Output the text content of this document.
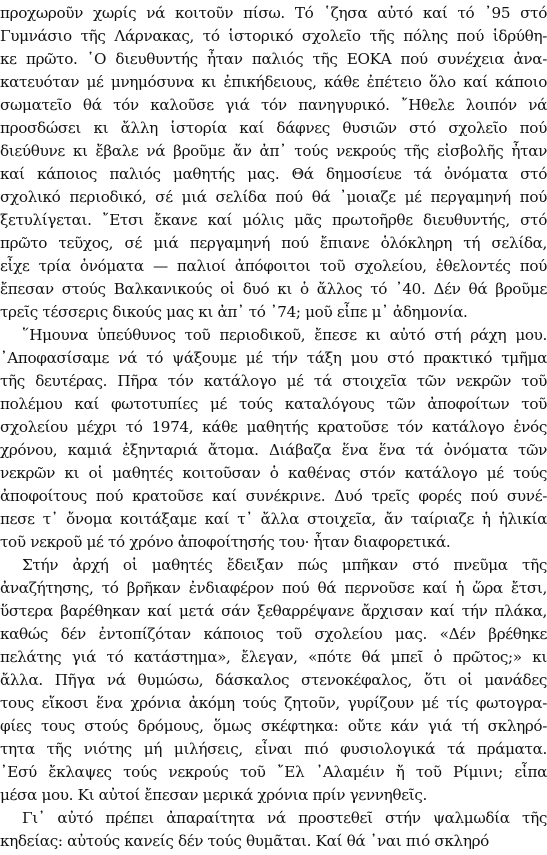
προχωροῦν χωρίς νά κοιτοῦν πίσω. Τό ῾ζησα αὐτό καί τό ᾿95 στό
Γυμνάσιο τῆς Λάρνακας, τό ἱστορικό σχολεῖο τῆς πόλης πού ἱδρύθη-
κε πρῶτο. ῾Ο διευθυντής ἦταν παλιός τῆς ΕΟΚΑ πού συνέχεια ἀνα-
κατευόταν μέ μνημόσυνα κι ἐπικήδειους, κάθε ἐπέτειο ὅλο καί κάποιο
σωματεῖο θά τόν καλοῦσε γιά τόν πανηγυρικό. ῎Ηθελε λοιπόν νά
προσδώσει κι ἄλλη ἱστορία καί δάφνες θυσιῶν στό σχολεῖο πού
διεύθυνε κι ἔβαλε νά βροῦμε ἄν ἀπ᾿ τούς νεκρούς τῆς εἰσβολῆς ἦταν
καί κάποιος παλιός μαθητής μας. Θά δημοσίευε τά ὀνόματα στό
σχολικό περιοδικό, σέ μιά σελίδα πού θά ᾿μοιαζε μέ περγαμηνή πού
ξετυλίγεται. ῎Ετσι ἔκανε καί μόλις μᾶς πρωτοῆρθε διευθυντής, στό
πρῶτο τεῦχος, σέ μιά περγαμηνή πού ἔπιανε ὁλόκληρη τή σελίδα,
εἶχε τρία ὀνόματα — παλιοί ἀπόφοιτοι τοῦ σχολείου, ἐθελοντές πού
ἔπεσαν στούς Βαλκανικούς οἱ δυό κι ὁ ἄλλος τό ᾿40. Δέν θά βροῦμε
τρεῖς τέσσερις δικούς μας κι ἀπ᾿ τό ᾿74; μοῦ εἶπε μ᾿ ἀδημονία.
῞Ημουνα ὑπεύθυνος τοῦ περιοδικοῦ, ἔπεσε κι αὐτό στή ράχη μου.
᾿Αποφασίσαμε νά τό ψάξουμε μέ τήν τάξη μου στό πρακτικό τμῆμα
τῆς δευτέρας. Πῆρα τόν κατάλογο μέ τά στοιχεῖα τῶν νεκρῶν τοῦ
πολέμου καί φωτοτυπίες μέ τούς καταλόγους τῶν ἀποφοίτων τοῦ
σχολείου μέχρι τό 1974, κάθε μαθητής κρατοῦσε τόν κατάλογο ἑνός
χρόνου, καμιά ἐξηνταριά ἄτομα. Διάβαζα ἕνα ἕνα τά ὀνόματα τῶν
νεκρῶν κι οἱ μαθητές κοιτοῦσαν ὁ καθένας στόν κατάλογο μέ τούς
ἀποφοίτους πού κρατοῦσε καί συνέκρινε. Δυό τρεῖς φορές πού συνέ-
πεσε τ᾿ ὄνομα κοιτάξαμε καί τ᾿ ἄλλα στοιχεῖα, ἄν ταίριαζε ἡ ἡλικία
τοῦ νεκροῦ μέ τό χρόνο ἀποφοίτησής του· ἦταν διαφορετικά.
Στήν ἀρχή οἱ μαθητές ἔδειξαν πώς μπῆκαν στό πνεῦμα τῆς
ἀναζήτησης, τό βρῆκαν ἐνδιαφέρον πού θά περνοῦσε καί ἡ ὥρα ἔτσι,
ὕστερα βαρέθηκαν καί μετά σάν ξεθαρρέψανε ἄρχισαν καί τήν πλάκα,
καθώς δέν ἐντοπίζόταν κάποιος τοῦ σχολείου μας. «Δέν βρέθηκε
πελάτης γιά τό κατάστημα», ἔλεγαν, «πότε θά μπεῖ ὁ πρῶτος;» κι
ἄλλα. Πῆγα νά θυμώσω, δάσκαλος στενοκέφαλος, ὅτι οἱ μανάδες
τους εἴκοσι ἕνα χρόνια ἀκόμη τούς ζητοῦν, γυρίζουν μέ τίς φωτογρα-
φίες τους στούς δρόμους, ὅμως σκέφτηκα: οὔτε κάν γιά τή σκληρό-
τητα τῆς νιότης μή μιλήσεις, εἶναι πιό φυσιολογικά τά πράματα.
᾿Εσύ ἔκλαψες τούς νεκρούς τοῦ ῎Ελ ᾿Αλαμέιν ἤ τοῦ Ρίμινι; εἶπα
μέσα μου. Κι αὐτοί ἔπεσαν μερικά χρόνια πρίν γεννηθεῖς.
Γι᾿ αὐτό πρέπει ἀπαραίτητα νά προστεθεῖ στήν ψαλμωδία τῆς
κηδείας: αὐτούς κανείς δέν τούς θυμᾶται. Καί θά ᾿ναι πιό σκληρό
